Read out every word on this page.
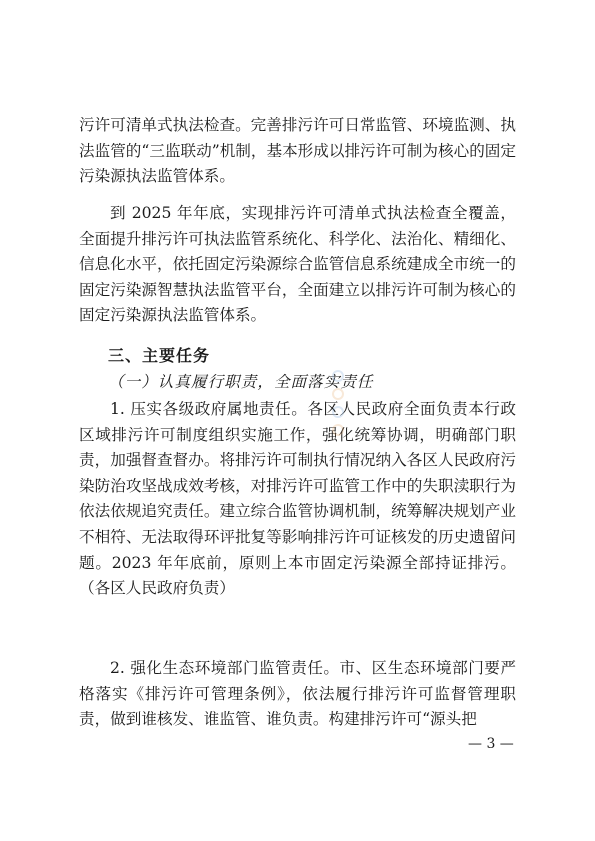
污许可清单式执法检查。完善排污许可日常监管、环境监测、执法监管的“三监联动”机制，基本形成以排污许可制为核心的固定污染源执法监管体系。

到 2025 年年底，实现排污许可清单式执法检查全覆盖，全面提升排污许可执法监管系统化、科学化、法治化、精细化、信息化水平，依托固定污染源综合监管信息系统建成全市统一的固定污染源智慧执法监管平台，全面建立以排污许可制为核心的固定污染源执法监管体系。

三、主要任务

（一）认真履行职责，全面落实责任

1. 压实各级政府属地责任。各区人民政府全面负责本行政区域排污许可制度组织实施工作，强化统筹协调，明确部门职责，加强督查督办。将排污许可制执行情况纳入各区人民政府污染防治攻坚战成效考核，对排污许可监管工作中的失职渎职行为依法依规追究责任。建立综合监管协调机制，统筹解决规划产业不相符、无法取得环评批复等影响排污许可证核发的历史遗留问题。2023 年年底前，原则上本市固定污染源全部持证排污。（各区人民政府负责）

2. 强化生态环境部门监管责任。市、区生态环境部门要严格落实《排污许可管理条例》，依法履行排污许可监督管理职责，做到谁核发、谁监管、谁负责。构建排污许可“源头把

— 3 —
